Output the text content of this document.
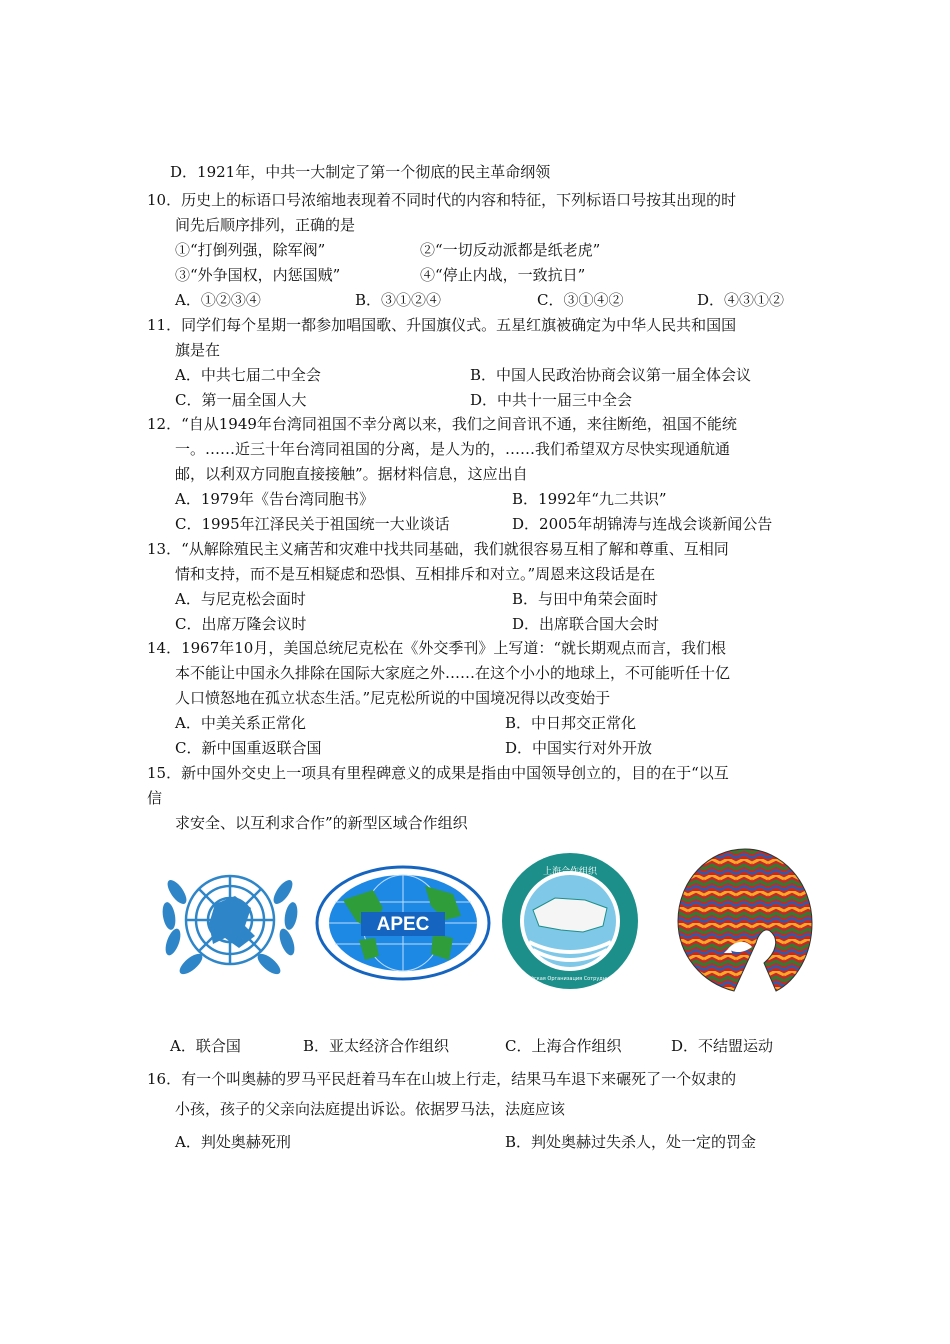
D．1921年，中共一大制定了第一个彻底的民主革命纲领
10．历史上的标语口号浓缩地表现着不同时代的内容和特征，下列标语口号按其出现的时
间先后顺序排列，正确的是
①“打倒列强，除军阀”	②“一切反动派都是纸老虎”
③“外争国权，内惩国贼”	④“停止内战，一致抗日”
A．①②③④	B．③①②④	C．③①④②	D．④③①②
11．同学们每个星期一都参加唱国歌、升国旗仪式。五星红旗被确定为中华人民共和国国
旗是在
A．中共七届二中全会	B．中国人民政治协商会议第一届全体会议
C．第一届全国人大	D．中共十一届三中全会
12．“自从1949年台湾同祖国不幸分离以来，我们之间音讯不通，来往断绝，祖国不能统
一。……近三十年台湾同祖国的分离，是人为的，……我们希望双方尽快实现通航通
邮，以利双方同胞直接接触”。据材料信息，这应出自
A．1979年《告台湾同胞书》	B．1992年“九二共识”
C．1995年江泽民关于祖国统一大业谈话	D．2005年胡锦涛与连战会谈新闻公告
13．“从解除殖民主义痛苦和灾难中找共同基础，我们就很容易互相了解和尊重、互相同
情和支持，而不是互相疑虑和恐惧、互相排斥和对立。”周恩来这段话是在
A．与尼克松会面时	B．与田中角荣会面时
C．出席万隆会议时	D．出席联合国大会时
14．1967年10月，美国总统尼克松在《外交季刊》上写道：“就长期观点而言，我们根
本不能让中国永久排除在国际大家庭之外……在这个小小的地球上，不可能听任十亿
人口愤怒地在孤立状态生活。”尼克松所说的中国境况得以改变始于
A．中美关系正常化	B．中日邦交正常化
C．新中国重返联合国	D．中国实行对外开放
15．新中国外交史上一项具有里程碑意义的成果是指由中国领导创立的，目的在于“以互
信
求安全、以互利求合作”的新型区域合作组织
APEC
上海合作组织
Шанхайская Организация Сотрудничества
A．联合国	B．亚太经济合作组织	C．上海合作组织	D．不结盟运动
16．有一个叫奥赫的罗马平民赶着马车在山坡上行走，结果马车退下来碾死了一个奴隶的
小孩，孩子的父亲向法庭提出诉讼。依据罗马法，法庭应该
A．判处奥赫死刑	B．判处奥赫过失杀人，处一定的罚金
